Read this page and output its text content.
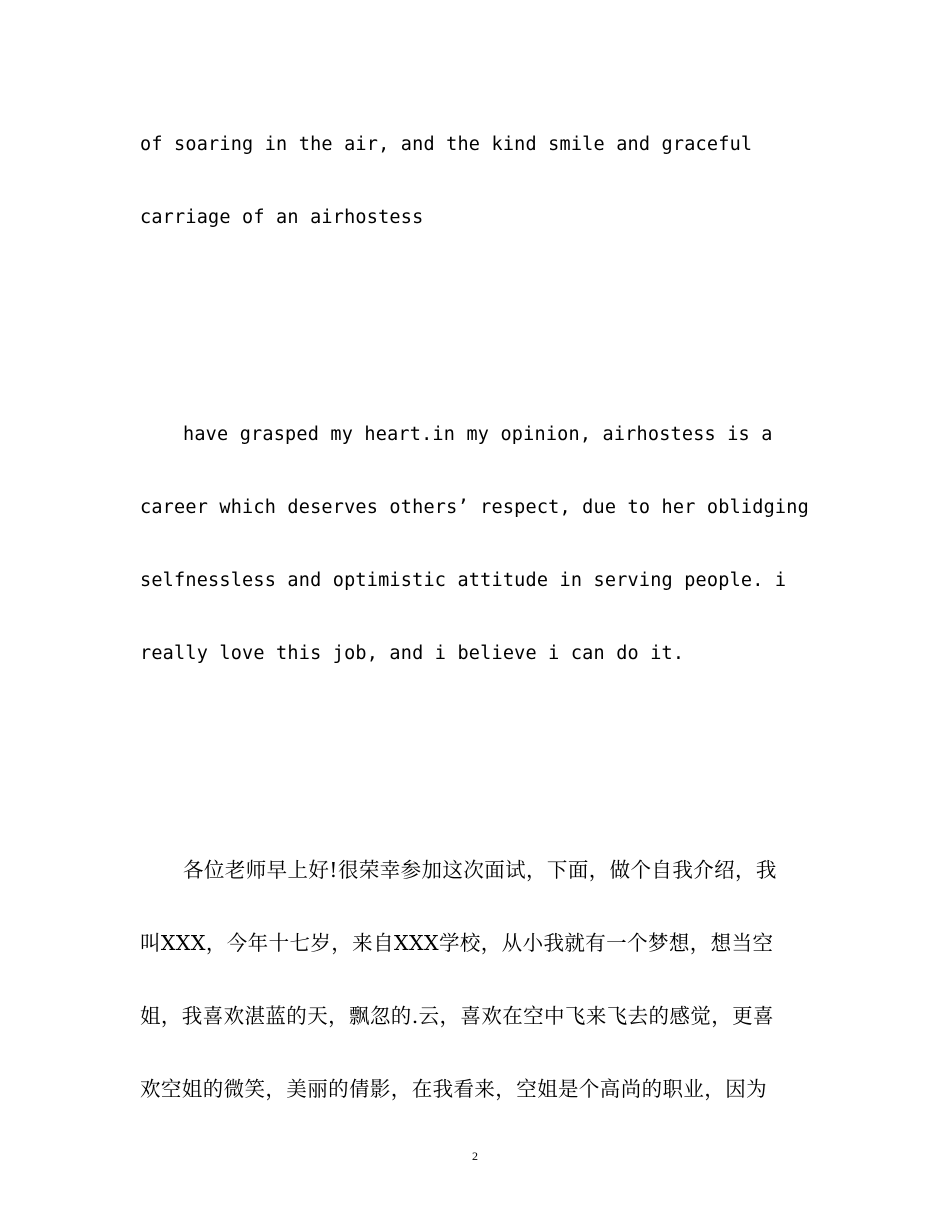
of soaring in the air, and the kind smile and graceful
carriage of an airhostess
have grasped my heart.in my opinion, airhostess is a
career which deserves others’ respect, due to her oblidging
selfnessless and optimistic attitude in serving people. i
really love this job, and i believe i can do it.
各位老师早上好!很荣幸参加这次面试，下面，做个自我介绍，我
叫XXX，今年十七岁，来自XXX学校，从小我就有一个梦想，想当空
姐，我喜欢湛蓝的天，飘忽的.云，喜欢在空中飞来飞去的感觉，更喜
欢空姐的微笑，美丽的倩影，在我看来，空姐是个高尚的职业，因为
2
